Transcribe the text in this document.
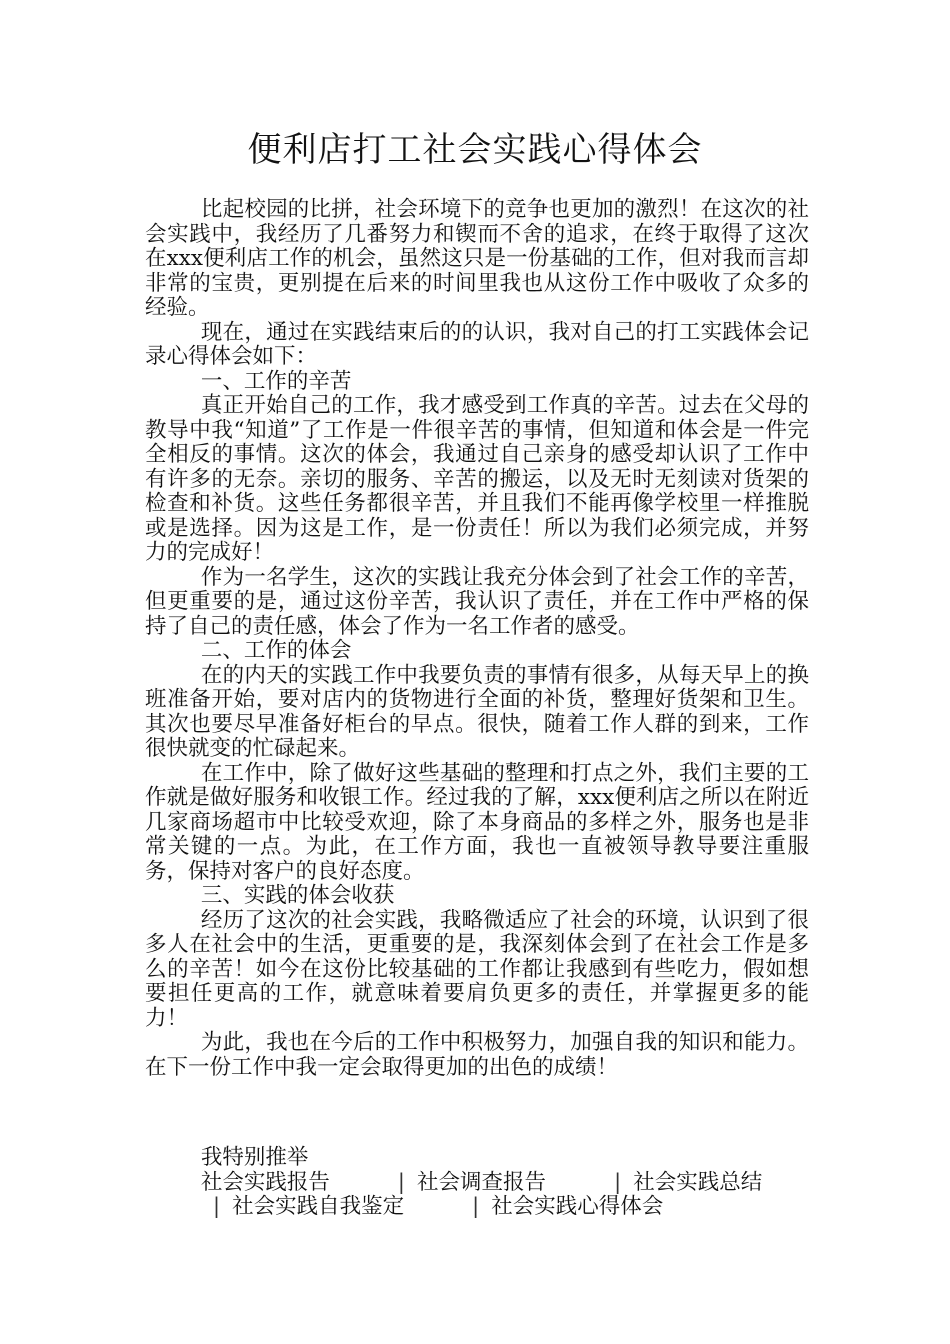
便利店打工社会实践心得体会

比起校园的比拼，社会环境下的竞争也更加的激烈！在这次的社会实践中，我经历了几番努力和锲而不舍的追求，在终于取得了这次在xxx便利店工作的机会，虽然这只是一份基础的工作，但对我而言却非常的宝贵，更别提在后来的时间里我也从这份工作中吸收了众多的经验。

现在，通过在实践结束后的的认识，我对自己的打工实践体会记录心得体会如下：

一、工作的辛苦

真正开始自己的工作，我才感受到工作真的辛苦。过去在父母的教导中我“知道”了工作是一件很辛苦的事情，但知道和体会是一件完全相反的事情。这次的体会，我通过自己亲身的感受却认识了工作中有许多的无奈。亲切的服务、辛苦的搬运，以及无时无刻读对货架的检查和补货。这些任务都很辛苦，并且我们不能再像学校里一样推脱或是选择。因为这是工作，是一份责任！所以为我们必须完成，并努力的完成好！

作为一名学生，这次的实践让我充分体会到了社会工作的辛苦，但更重要的是，通过这份辛苦，我认识了责任，并在工作中严格的保持了自己的责任感，体会了作为一名工作者的感受。

二、工作的体会

在的内天的实践工作中我要负责的事情有很多，从每天早上的换班准备开始，要对店内的货物进行全面的补货，整理好货架和卫生。其次也要尽早准备好柜台的早点。很快，随着工作人群的到来，工作很快就变的忙碌起来。

在工作中，除了做好这些基础的整理和打点之外，我们主要的工作就是做好服务和收银工作。经过我的了解，xxx便利店之所以在附近几家商场超市中比较受欢迎，除了本身商品的多样之外，服务也是非常关键的一点。为此，在工作方面，我也一直被领导教导要注重服务，保持对客户的良好态度。

三、实践的体会收获

经历了这次的社会实践，我略微适应了社会的环境，认识到了很多人在社会中的生活，更重要的是，我深刻体会到了在社会工作是多么的辛苦！如今在这份比较基础的工作都让我感到有些吃力，假如想要担任更高的工作，就意味着要肩负更多的责任，并掌握更多的能力！

为此，我也在今后的工作中积极努力，加强自我的知识和能力。在下一份工作中我一定会取得更加的出色的成绩！

我特别推举

社会实践报告	| 社会调查报告	| 社会实践总结| 社会实践自我鉴定	| 社会实践心得体会
